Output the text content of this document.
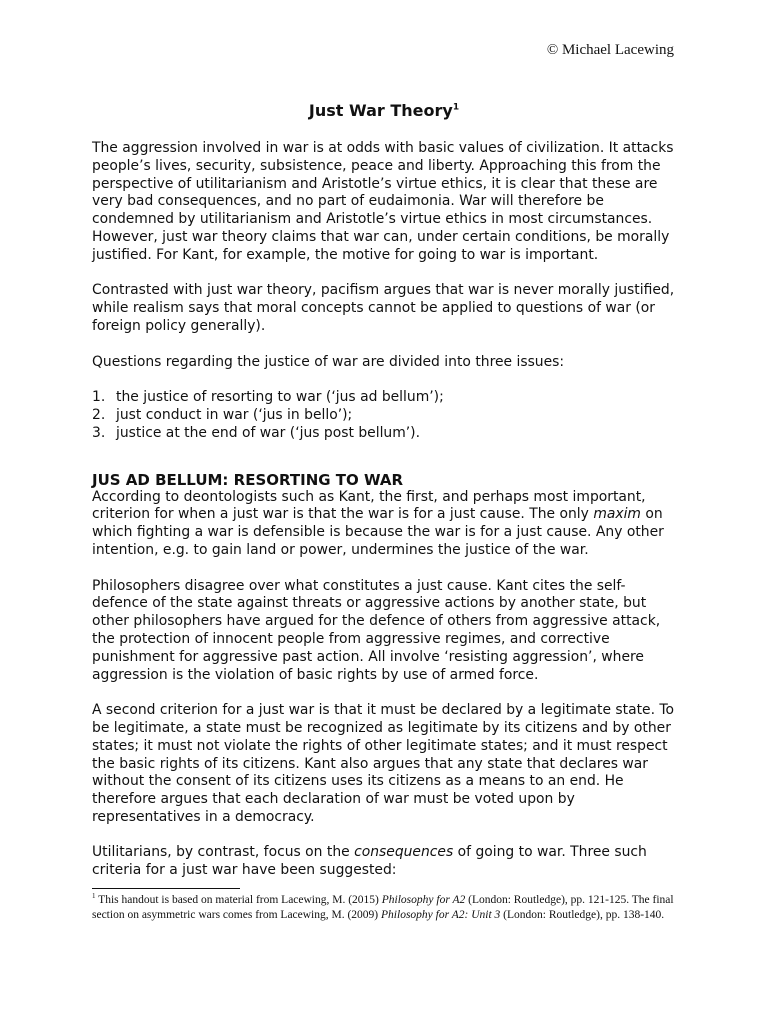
© Michael Lacewing
Just War Theory$^1$

The aggression involved in war is at odds with basic values of civilization. It attacks people’s lives, security, subsistence, peace and liberty. Approaching this from the perspective of utilitarianism and Aristotle’s virtue ethics, it is clear that these are very bad consequences, and no part of eudaimonia. War will therefore be condemned by utilitarianism and Aristotle’s virtue ethics in most circumstances. However, just war theory claims that war can, under certain conditions, be morally justified. For Kant, for example, the motive for going to war is important.

Contrasted with just war theory, pacifism argues that war is never morally justified, while realism says that moral concepts cannot be applied to questions of war (or foreign policy generally).

Questions regarding the justice of war are divided into three issues:

1. the justice of resorting to war (‘jus ad bellum’);
2. just conduct in war (‘jus in bello’);
3. justice at the end of war (‘jus post bellum’).
JUS AD BELLUM: RESORTING TO WAR

According to deontologists such as Kant, the first, and perhaps most important, criterion for when a just war is that the war is for a just cause. The only maxim on which fighting a war is defensible is because the war is for a just cause. Any other intention, e.g. to gain land or power, undermines the justice of the war.

Philosophers disagree over what constitutes a just cause. Kant cites the self-defence of the state against threats or aggressive actions by another state, but other philosophers have argued for the defence of others from aggressive attack, the protection of innocent people from aggressive regimes, and corrective punishment for aggressive past action. All involve ‘resisting aggression’, where aggression is the violation of basic rights by use of armed force.

A second criterion for a just war is that it must be declared by a legitimate state. To be legitimate, a state must be recognized as legitimate by its citizens and by other states; it must not violate the rights of other legitimate states; and it must respect the basic rights of its citizens. Kant also argues that any state that declares war without the consent of its citizens uses its citizens as a means to an end. He therefore argues that each declaration of war must be voted upon by representatives in a democracy.

Utilitarians, by contrast, focus on the consequences of going to war. Three such criteria for a just war have been suggested:

$^1$ This handout is based on material from Lacewing, M. (2015) Philosophy for A2 (London: Routledge), pp. 121-125. The final section on asymmetric wars comes from Lacewing, M. (2009) Philosophy for A2: Unit 3 (London: Routledge), pp. 138-140.
